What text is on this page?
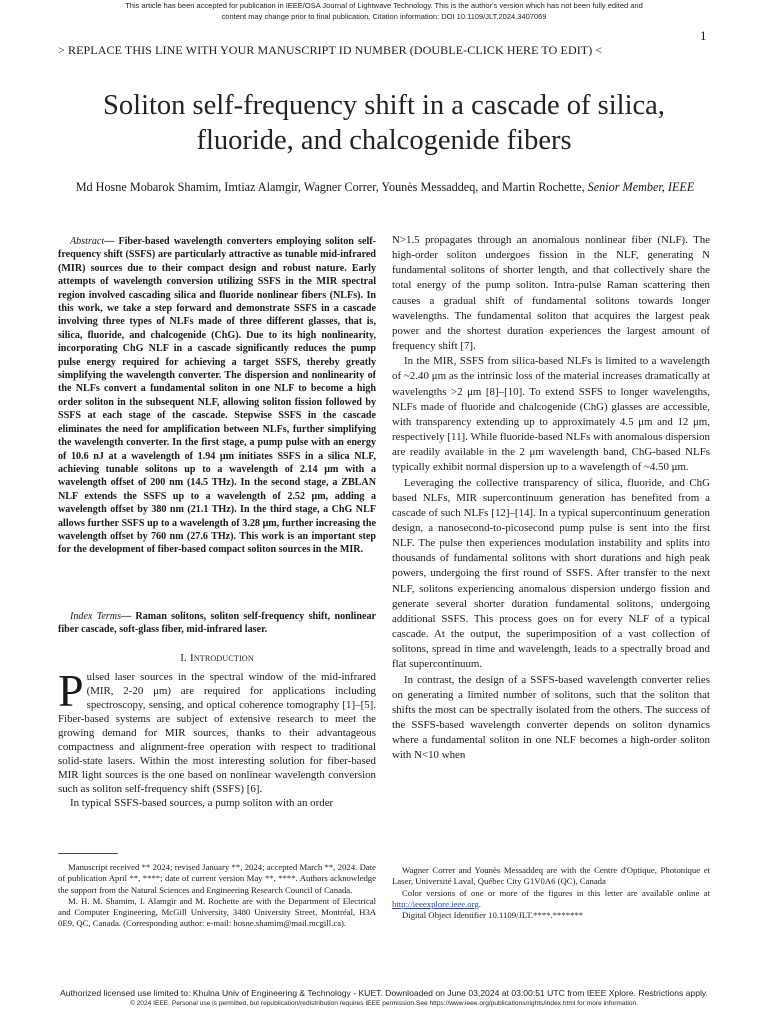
This article has been accepted for publication in IEEE/OSA Journal of Lightwave Technology. This is the author's version which has not been fully edited and
content may change prior to final publication. Citation information: DOI 10.1109/JLT.2024.3407069
1
> REPLACE THIS LINE WITH YOUR MANUSCRIPT ID NUMBER (DOUBLE-CLICK HERE TO EDIT) <
Soliton self-frequency shift in a cascade of silica,
fluoride, and chalcogenide fibers
Md Hosne Mobarok Shamim, Imtiaz Alamgir, Wagner Correr, Younès Messaddeq, and Martin Rochette, Senior Member, IEEE
Abstract— Fiber-based wavelength converters employing soliton self-frequency shift (SSFS) are particularly attractive as tunable mid-infrared (MIR) sources due to their compact design and robust nature. Early attempts of wavelength conversion utilizing SSFS in the MIR spectral region involved cascading silica and fluoride nonlinear fibers (NLFs). In this work, we take a step forward and demonstrate SSFS in a cascade involving three types of NLFs made of three different glasses, that is, silica, fluoride, and chalcogenide (ChG). Due to its high nonlinearity, incorporating ChG NLF in a cascade significantly reduces the pump pulse energy required for achieving a target SSFS, thereby greatly simplifying the wavelength converter. The dispersion and nonlinearity of the NLFs convert a fundamental soliton in one NLF to become a high order soliton in the subsequent NLF, allowing soliton fission followed by SSFS at each stage of the cascade. Stepwise SSFS in the cascade eliminates the need for amplification between NLFs, further simplifying the wavelength converter. In the first stage, a pump pulse with an energy of 10.6 nJ at a wavelength of 1.94 μm initiates SSFS in a silica NLF, achieving tunable solitons up to a wavelength of 2.14 μm with a wavelength offset of 200 nm (14.5 THz). In the second stage, a ZBLAN NLF extends the SSFS up to a wavelength of 2.52 μm, adding a wavelength offset by 380 nm (21.1 THz). In the third stage, a ChG NLF allows further SSFS up to a wavelength of 3.28 μm, further increasing the wavelength offset by 760 nm (27.6 THz). This work is an important step for the development of fiber-based compact soliton sources in the MIR.
Index Terms— Raman solitons, soliton self-frequency shift, nonlinear fiber cascade, soft-glass fiber, mid-infrared laser.
I. Introduction
Pulsed laser sources in the spectral window of the mid-infrared (MIR, 2-20 μm) are required for applications including spectroscopy, sensing, and optical coherence tomography [1]–[5]. Fiber-based systems are subject of extensive research to meet the growing demand for MIR sources, thanks to their advantageous compactness and alignment-free operation with respect to traditional solid-state lasers. Within the most interesting solution for fiber-based MIR light sources is the one based on nonlinear wavelength conversion such as soliton self-frequency shift (SSFS) [6].
In typical SSFS-based sources, a pump soliton with an order

N>1.5 propagates through an anomalous nonlinear fiber (NLF). The high-order soliton undergoes fission in the NLF, generating N fundamental solitons of shorter length, and that collectively share the total energy of the pump soliton. Intra-pulse Raman scattering then causes a gradual shift of fundamental solitons towards longer wavelengths. The fundamental soliton that acquires the largest peak power and the shortest duration experiences the largest amount of frequency shift [7].

In the MIR, SSFS from silica-based NLFs is limited to a wavelength of ~2.40 μm as the intrinsic loss of the material increases dramatically at wavelengths >2 μm [8]–[10]. To extend SSFS to longer wavelengths, NLFs made of fluoride and chalcogenide (ChG) glasses are accessible, with transparency extending up to approximately 4.5 μm and 12 μm, respectively [11]. While fluoride-based NLFs with anomalous dispersion are readily available in the 2 μm wavelength band, ChG-based NLFs typically exhibit normal dispersion up to a wavelength of ~4.50 μm.

Leveraging the collective transparency of silica, fluoride, and ChG based NLFs, MIR supercontinuum generation has benefited from a cascade of such NLFs [12]–[14]. In a typical supercontinuum generation design, a nanosecond-to-picosecond pump pulse is sent into the first NLF. The pulse then experiences modulation instability and splits into thousands of fundamental solitons with short durations and high peak powers, undergoing the first round of SSFS. After transfer to the next NLF, solitons experiencing anomalous dispersion undergo fission and generate several shorter duration fundamental solitons, undergoing additional SSFS. This process goes on for every NLF of a typical cascade. At the output, the superimposition of a vast collection of solitons, spread in time and wavelength, leads to a spectrally broad and flat supercontinuum.

In contrast, the design of a SSFS-based wavelength converter relies on generating a limited number of solitons, such that the soliton that shifts the most can be spectrally isolated from the others. The success of the SSFS-based wavelength converter depends on soliton dynamics where a fundamental soliton in one NLF becomes a high-order soliton with N<10 when

Manuscript received ** 2024; revised January **, 2024; accepted March **, 2024. Date of publication April **, ****; date of current version May **, ****. Authors acknowledge the support from the Natural Sciences and Engineering Research Council of Canada.

M. H. M. Shamim, I. Alamgir and M. Rochette are with the Department of Electrical and Computer Engineering, McGill University, 3480 University Street, Montréal, H3A 0E9, QC, Canada. (Corresponding author: e-mail: hosne.shamim@mail.mcgill.ca).

Wagner Correr and Younès Messaddeq are with the Centre d'Optique, Photonique et Laser, Université Laval, Québec City G1V0A6 (QC), Canada

Color versions of one or more of the figures in this letter are available online at http://ieeexplore.ieee.org.

Digital Object Identifier 10.1109/JLT.****.*******

Authorized licensed use limited to: Khulna Univ of Engineering & Technology - KUET. Downloaded on June 03,2024 at 03:00:51 UTC from IEEE Xplore. Restrictions apply.
© 2024 IEEE. Personal use is permitted, but republication/redistribution requires IEEE permission.See https://www.ieee.org/publications/rights/index.html for more information.
